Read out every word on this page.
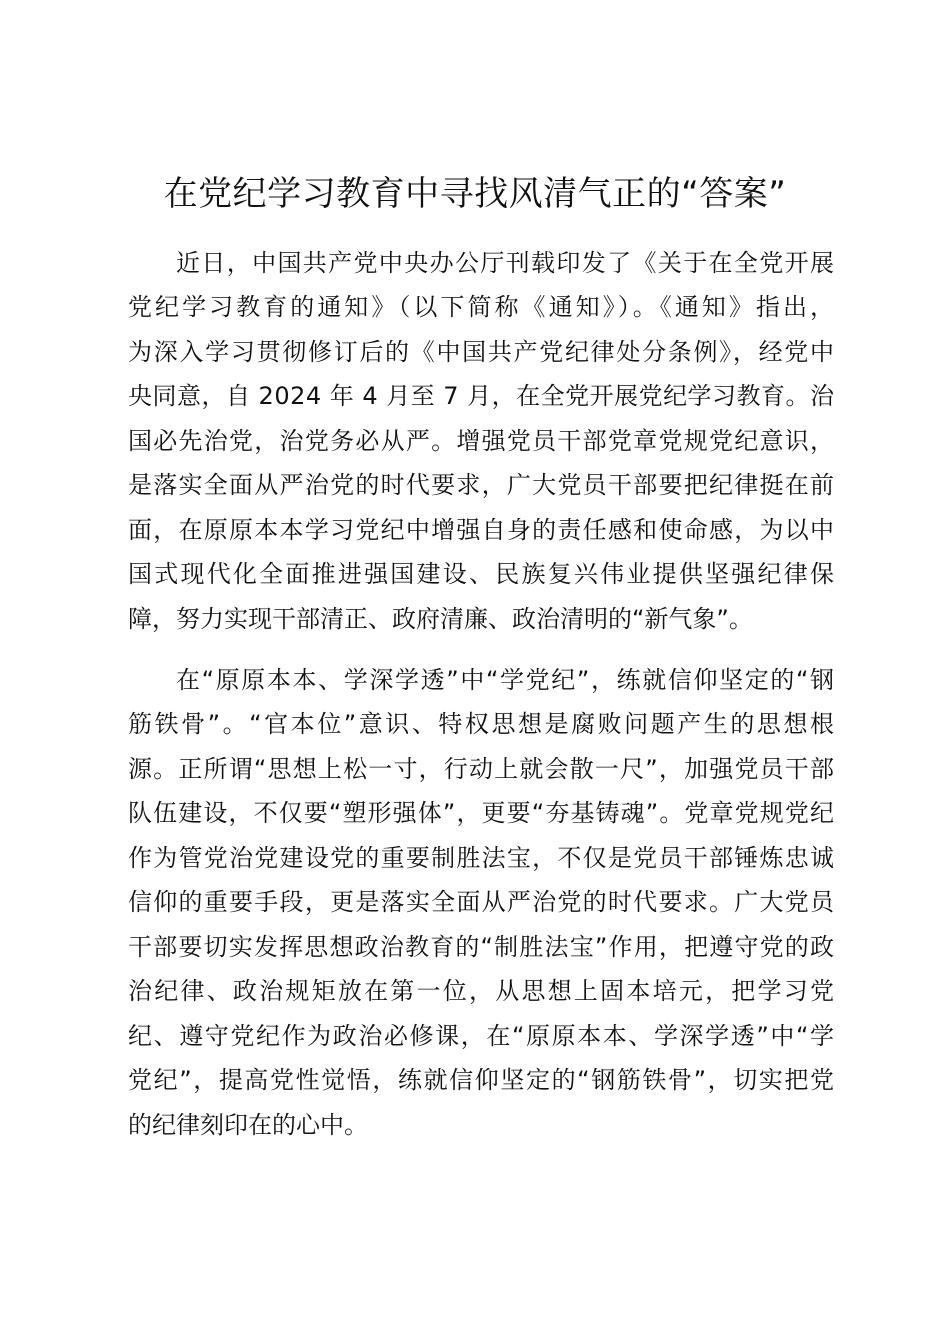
在党纪学习教育中寻找风清气正的“答案”

近日，中国共产党中央办公厅刊载印发了《关于在全党开展

党纪学习教育的通知》（以下简称《通知》）。《通知》指出，

为深入学习贯彻修订后的《中国共产党纪律处分条例》，经党中

央同意，自 2024 年 4 月至 7 月，在全党开展党纪学习教育。治

国必先治党，治党务必从严。增强党员干部党章党规党纪意识，

是落实全面从严治党的时代要求，广大党员干部要把纪律挺在前

面，在原原本本学习党纪中增强自身的责任感和使命感，为以中

国式现代化全面推进强国建设、民族复兴伟业提供坚强纪律保

障，努力实现干部清正、政府清廉、政治清明的“新气象”。

在“原原本本、学深学透”中“学党纪”，练就信仰坚定的“钢

筋铁骨”。“官本位”意识、特权思想是腐败问题产生的思想根

源。正所谓“思想上松一寸，行动上就会散一尺”，加强党员干部

队伍建设，不仅要“塑形强体”，更要“夯基铸魂”。党章党规党纪

作为管党治党建设党的重要制胜法宝，不仅是党员干部锤炼忠诚

信仰的重要手段，更是落实全面从严治党的时代要求。广大党员

干部要切实发挥思想政治教育的“制胜法宝”作用，把遵守党的政

治纪律、政治规矩放在第一位，从思想上固本培元，把学习党

纪、遵守党纪作为政治必修课，在“原原本本、学深学透”中“学

党纪”，提高党性觉悟，练就信仰坚定的“钢筋铁骨”，切实把党

的纪律刻印在的心中。
